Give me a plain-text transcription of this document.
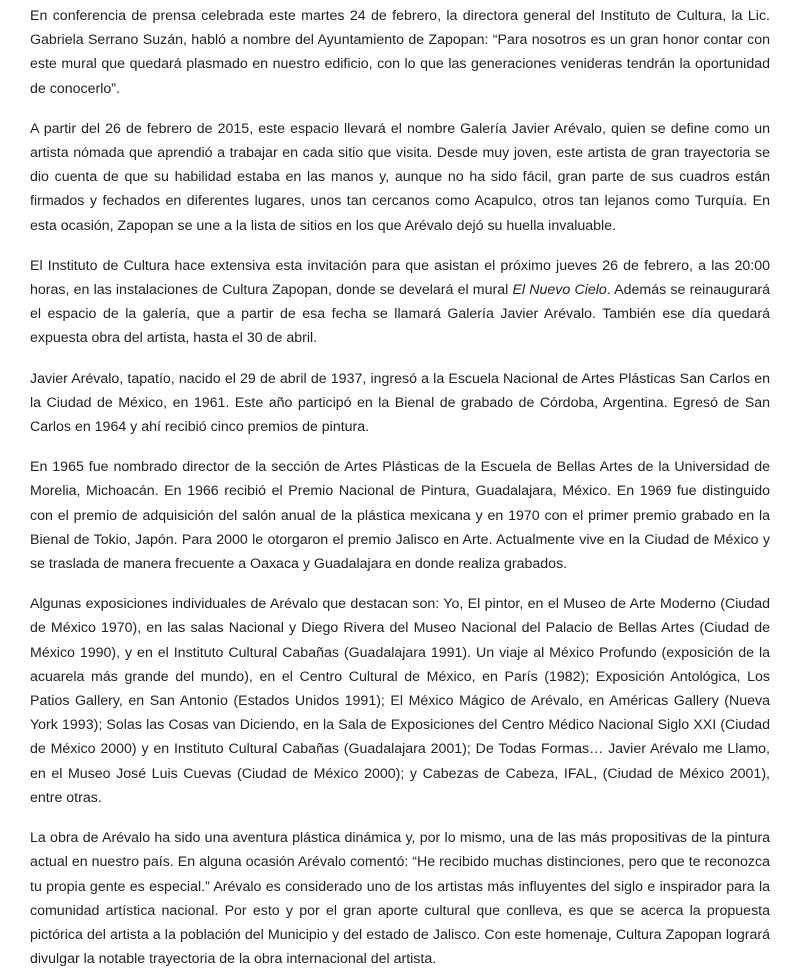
En conferencia de prensa celebrada este martes 24 de febrero, la directora general del Instituto de Cultura, la Lic. Gabriela Serrano Suzán, habló a nombre del Ayuntamiento de Zapopan: “Para nosotros es un gran honor contar con este mural que quedará plasmado en nuestro edificio, con lo que las generaciones venideras tendrán la oportunidad de conocerlo”.

A partir del 26 de febrero de 2015, este espacio llevará el nombre Galería Javier Arévalo, quien se define como un artista nómada que aprendió a trabajar en cada sitio que visita. Desde muy joven, este artista de gran trayectoria se dio cuenta de que su habilidad estaba en las manos y, aunque no ha sido fácil, gran parte de sus cuadros están firmados y fechados en diferentes lugares, unos tan cercanos como Acapulco, otros tan lejanos como Turquía. En esta ocasión, Zapopan se une a la lista de sitios en los que Arévalo dejó su huella invaluable.

El Instituto de Cultura hace extensiva esta invitación para que asistan el próximo jueves 26 de febrero, a las 20:00 horas, en las instalaciones de Cultura Zapopan, donde se develará el mural El Nuevo Cielo. Además se reinaugurará el espacio de la galería, que a partir de esa fecha se llamará Galería Javier Arévalo. También ese día quedará expuesta obra del artista, hasta el 30 de abril.

Javier Arévalo, tapatío, nacido el 29 de abril de 1937, ingresó a la Escuela Nacional de Artes Plásticas San Carlos en la Ciudad de México, en 1961. Este año participó en la Bienal de grabado de Córdoba, Argentina. Egresó de San Carlos en 1964 y ahí recibió cinco premios de pintura.

En 1965 fue nombrado director de la sección de Artes Plásticas de la Escuela de Bellas Artes de la Universidad de Morelia, Michoacán. En 1966 recibió el Premio Nacional de Pintura, Guadalajara, México. En 1969 fue distinguido con el premio de adquisición del salón anual de la plástica mexicana y en 1970 con el primer premio grabado en la Bienal de Tokio, Japón. Para 2000 le otorgaron el premio Jalisco en Arte. Actualmente vive en la Ciudad de México y se traslada de manera frecuente a Oaxaca y Guadalajara en donde realiza grabados.

Algunas exposiciones individuales de Arévalo que destacan son: Yo, El pintor, en el Museo de Arte Moderno (Ciudad de México 1970), en las salas Nacional y Diego Rivera del Museo Nacional del Palacio de Bellas Artes (Ciudad de México 1990), y en el Instituto Cultural Cabañas (Guadalajara 1991). Un viaje al México Profundo (exposición de la acuarela más grande del mundo), en el Centro Cultural de México, en París (1982); Exposición Antológica, Los Patios Gallery, en San Antonio (Estados Unidos 1991); El México Mágico de Arévalo, en Américas Gallery (Nueva York 1993); Solas las Cosas van Diciendo, en la Sala de Exposiciones del Centro Médico Nacional Siglo XXI (Ciudad de México 2000) y en Instituto Cultural Cabañas (Guadalajara 2001); De Todas Formas… Javier Arévalo me Llamo, en el Museo José Luis Cuevas (Ciudad de México 2000); y Cabezas de Cabeza, IFAL, (Ciudad de México 2001), entre otras.

La obra de Arévalo ha sido una aventura plástica dinámica y, por lo mismo, una de las más propositivas de la pintura actual en nuestro país. En alguna ocasión Arévalo comentó: “He recibido muchas distinciones, pero que te reconozca tu propia gente es especial.” Arévalo es considerado uno de los artistas más influyentes del siglo e inspirador para la comunidad artística nacional. Por esto y por el gran aporte cultural que conlleva, es que se acerca la propuesta pictórica del artista a la población del Municipio y del estado de Jalisco. Con este homenaje, Cultura Zapopan logrará divulgar la notable trayectoria de la obra internacional del artista.
